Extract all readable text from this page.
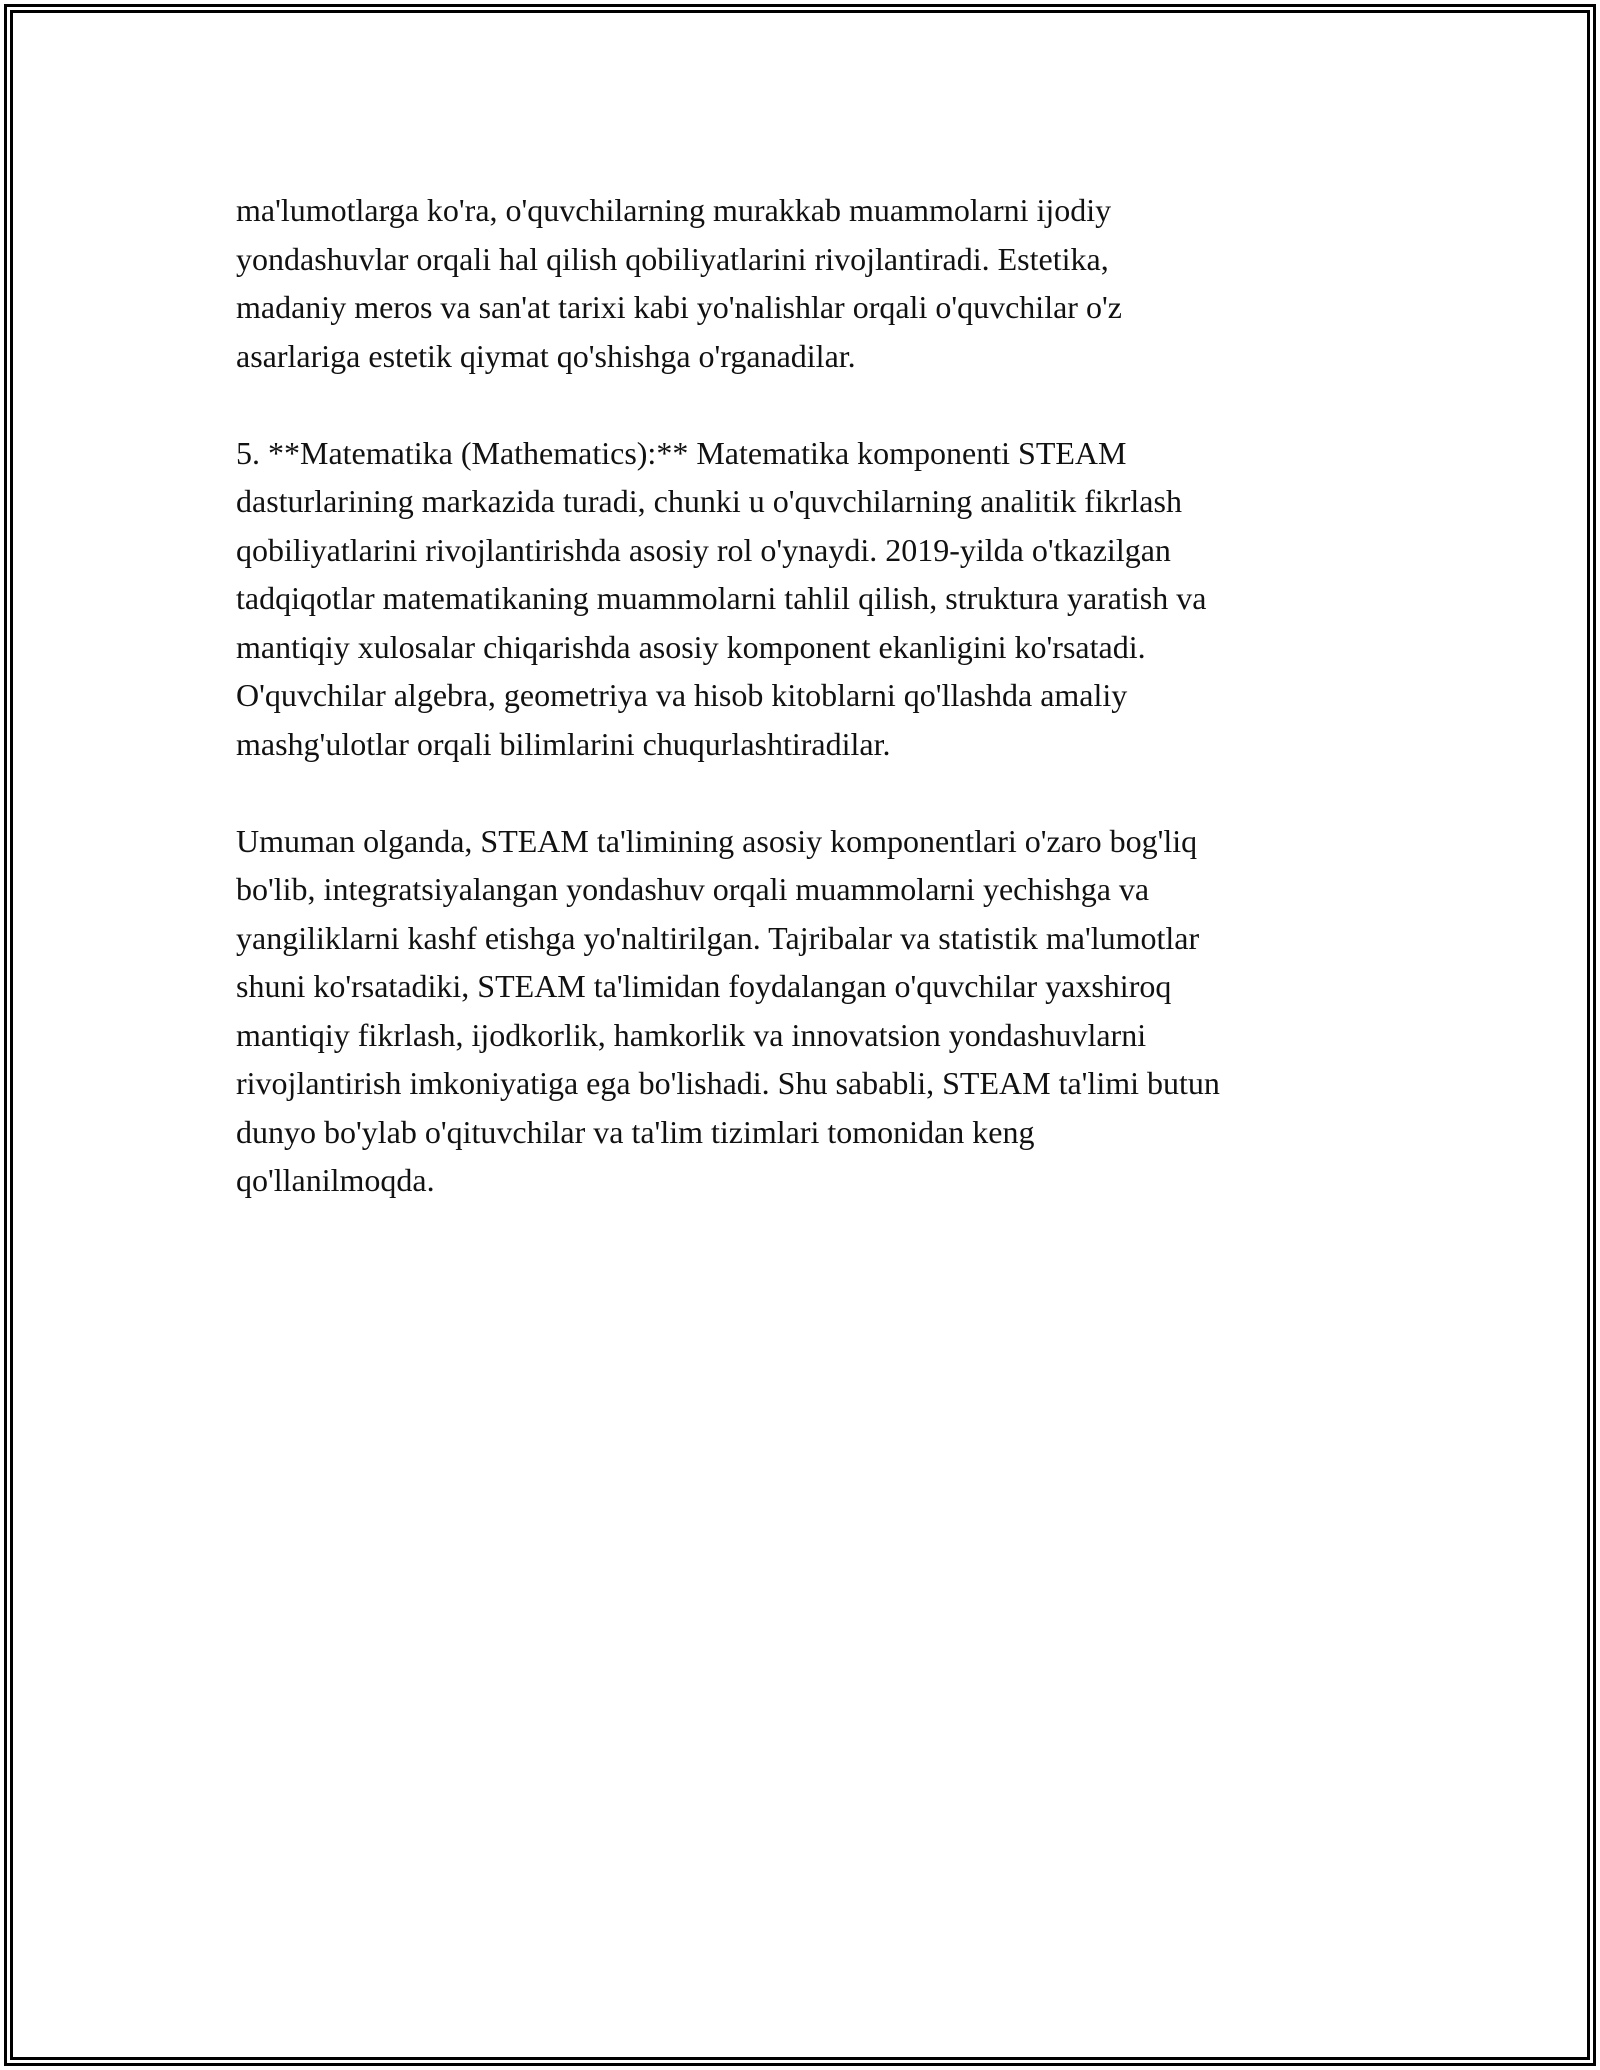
ma'lumotlarga ko'ra, o'quvchilarning murakkab muammolarni ijodiy
yondashuvlar orqali hal qilish qobiliyatlarini rivojlantiradi. Estetika,
madaniy meros va san'at tarixi kabi yo'nalishlar orqali o'quvchilar o'z
asarlariga estetik qiymat qo'shishga o'rganadilar.

5. **Matematika (Mathematics):** Matematika komponenti STEAM
dasturlarining markazida turadi, chunki u o'quvchilarning analitik fikrlash
qobiliyatlarini rivojlantirishda asosiy rol o'ynaydi. 2019-yilda o'tkazilgan
tadqiqotlar matematikaning muammolarni tahlil qilish, struktura yaratish va
mantiqiy xulosalar chiqarishda asosiy komponent ekanligini ko'rsatadi.
O'quvchilar algebra, geometriya va hisob kitoblarni qo'llashda amaliy
mashg'ulotlar orqali bilimlarini chuqurlashtiradilar.

Umuman olganda, STEAM ta'limining asosiy komponentlari o'zaro bog'liq
bo'lib, integratsiyalangan yondashuv orqali muammolarni yechishga va
yangiliklarni kashf etishga yo'naltirilgan. Tajribalar va statistik ma'lumotlar
shuni ko'rsatadiki, STEAM ta'limidan foydalangan o'quvchilar yaxshiroq
mantiqiy fikrlash, ijodkorlik, hamkorlik va innovatsion yondashuvlarni
rivojlantirish imkoniyatiga ega bo'lishadi. Shu sababli, STEAM ta'limi butun
dunyo bo'ylab o'qituvchilar va ta'lim tizimlari tomonidan keng
qo'llanilmoqda.
